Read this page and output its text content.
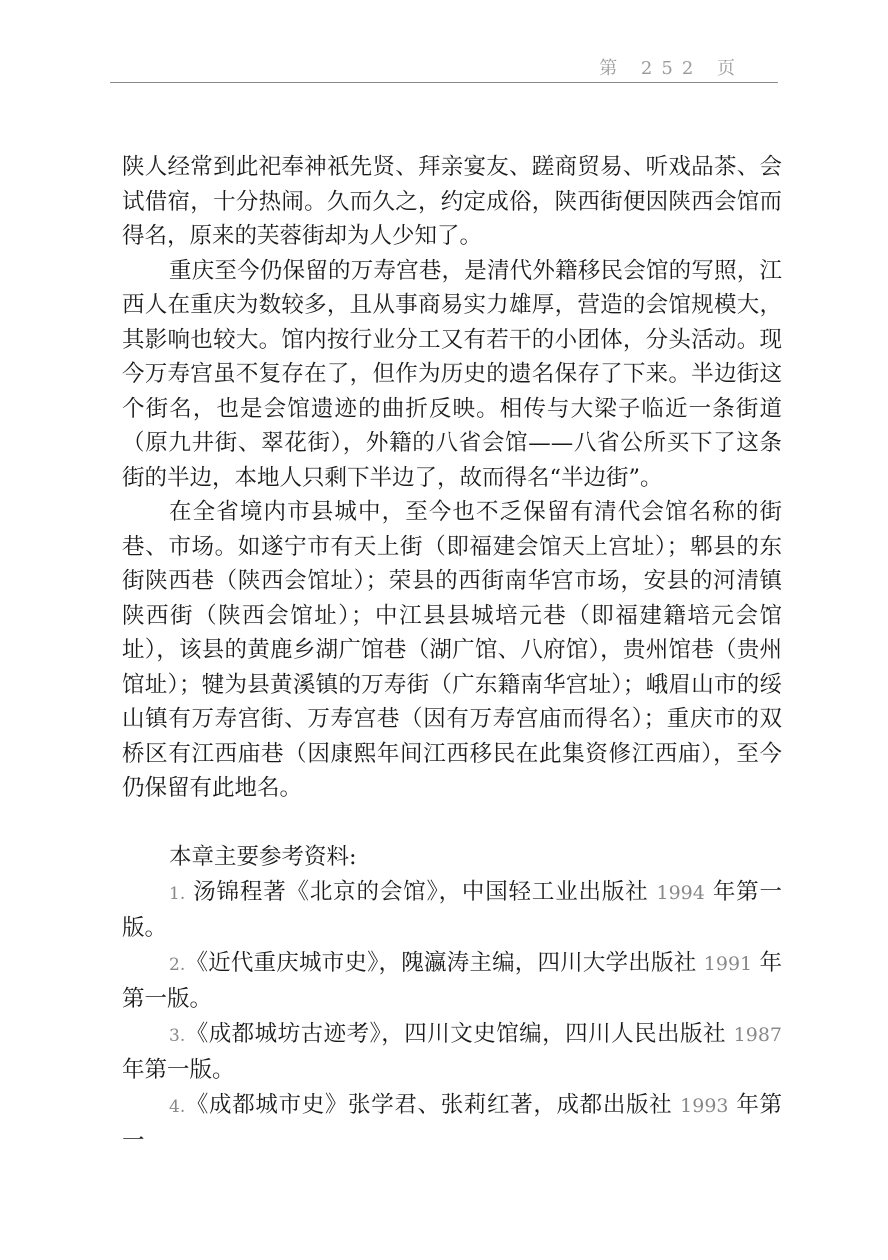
第 252 页

陕人经常到此祀奉神祇先贤、拜亲宴友、蹉商贸易、听戏品茶、会试借宿，十分热闹。久而久之，约定成俗，陕西街便因陕西会馆而得名，原来的芙蓉街却为人少知了。

重庆至今仍保留的万寿宫巷，是清代外籍移民会馆的写照，江西人在重庆为数较多，且从事商易实力雄厚，营造的会馆规模大，其影响也较大。馆内按行业分工又有若干的小团体，分头活动。现今万寿宫虽不复存在了，但作为历史的遗名保存了下来。半边街这个街名，也是会馆遗迹的曲折反映。相传与大梁子临近一条街道（原九井街、翠花街），外籍的八省会馆——八省公所买下了这条街的半边，本地人只剩下半边了，故而得名“半边街”。

在全省境内市县城中，至今也不乏保留有清代会馆名称的街巷、市场。如遂宁市有天上街（即福建会馆天上宫址）；郫县的东街陕西巷（陕西会馆址）；荣县的西街南华宫市场，安县的河清镇陕西街（陕西会馆址）；中江县县城培元巷（即福建籍培元会馆址），该县的黄鹿乡湖广馆巷（湖广馆、八府馆），贵州馆巷（贵州馆址）；犍为县黄溪镇的万寿街（广东籍南华宫址）；峨眉山市的绥山镇有万寿宫街、万寿宫巷（因有万寿宫庙而得名）；重庆市的双桥区有江西庙巷（因康熙年间江西移民在此集资修江西庙），至今仍保留有此地名。

本章主要参考资料:

1. 汤锦程著《北京的会馆》，中国轻工业出版社 1994 年第一版。

2.《近代重庆城市史》，隗瀛涛主编，四川大学出版社 1991 年第一版。

3.《成都城坊古迹考》，四川文史馆编，四川人民出版社 1987 年第一版。

4.《成都城市史》张学君、张莉红著，成都出版社 1993 年第一
